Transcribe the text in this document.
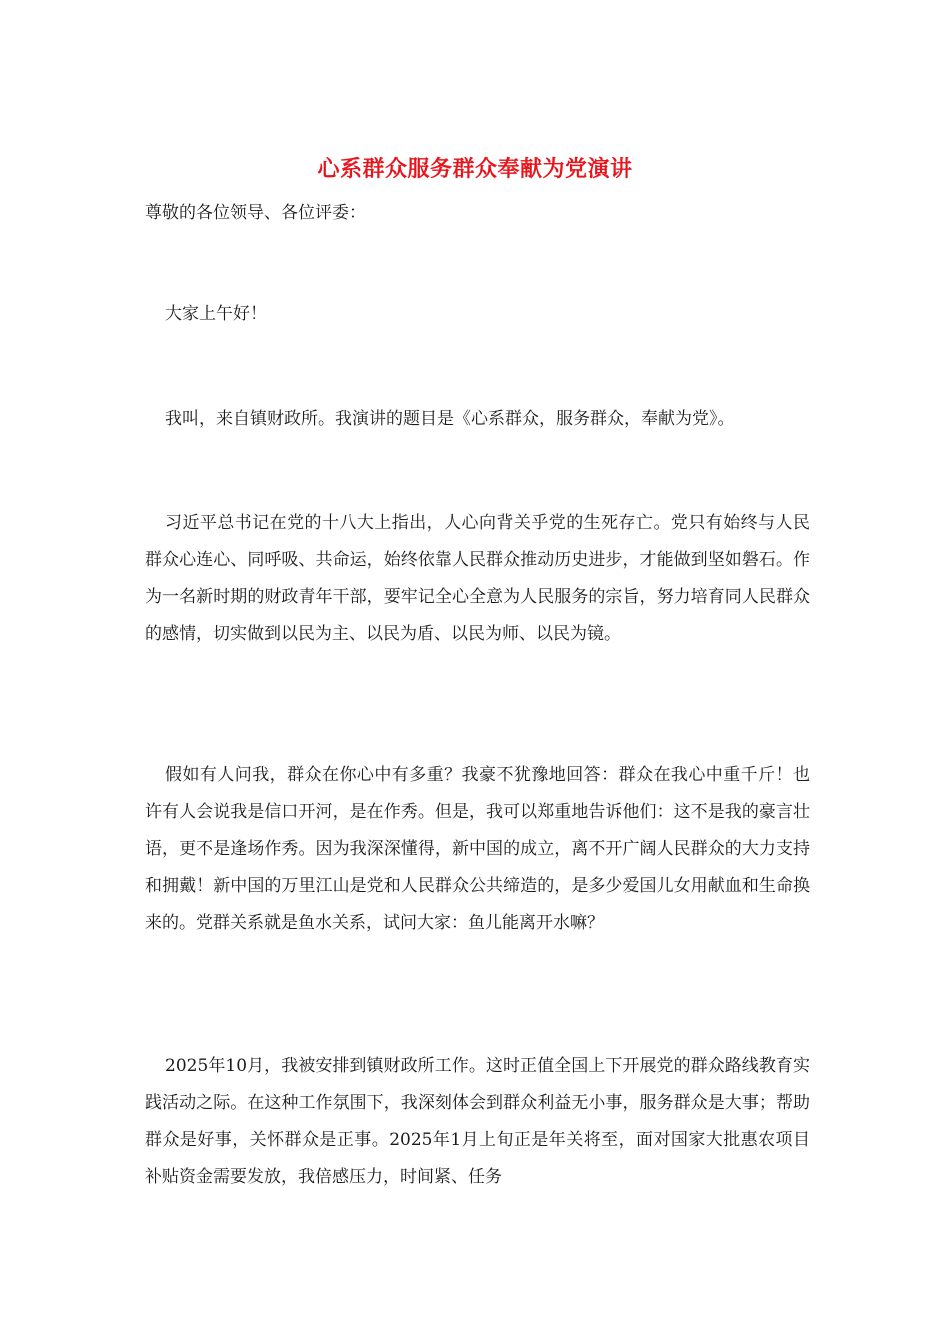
心系群众服务群众奉献为党演讲
尊敬的各位领导、各位评委：
大家上午好！
我叫，来自镇财政所。我演讲的题目是《心系群众，服务群众，奉献为党》。
习近平总书记在党的十八大上指出，人心向背关乎党的生死存亡。党只有始终与人民群众心连心、同呼吸、共命运，始终依靠人民群众推动历史进步，才能做到坚如磐石。作为一名新时期的财政青年干部，要牢记全心全意为人民服务的宗旨，努力培育同人民群众的感情，切实做到以民为主、以民为盾、以民为师、以民为镜。
假如有人问我，群众在你心中有多重？我豪不犹豫地回答：群众在我心中重千斤！也许有人会说我是信口开河，是在作秀。但是，我可以郑重地告诉他们：这不是我的豪言壮语，更不是逢场作秀。因为我深深懂得，新中国的成立，离不开广阔人民群众的大力支持和拥戴！新中国的万里江山是党和人民群众公共缔造的，是多少爱国儿女用献血和生命换来的。党群关系就是鱼水关系，试问大家：鱼儿能离开水嘛？
2025年10月，我被安排到镇财政所工作。这时正值全国上下开展党的群众路线教育实践活动之际。在这种工作氛围下，我深刻体会到群众利益无小事，服务群众是大事；帮助群众是好事，关怀群众是正事。2025年1月上旬正是年关将至，面对国家大批惠农项目补贴资金需要发放，我倍感压力，时间紧、任务
